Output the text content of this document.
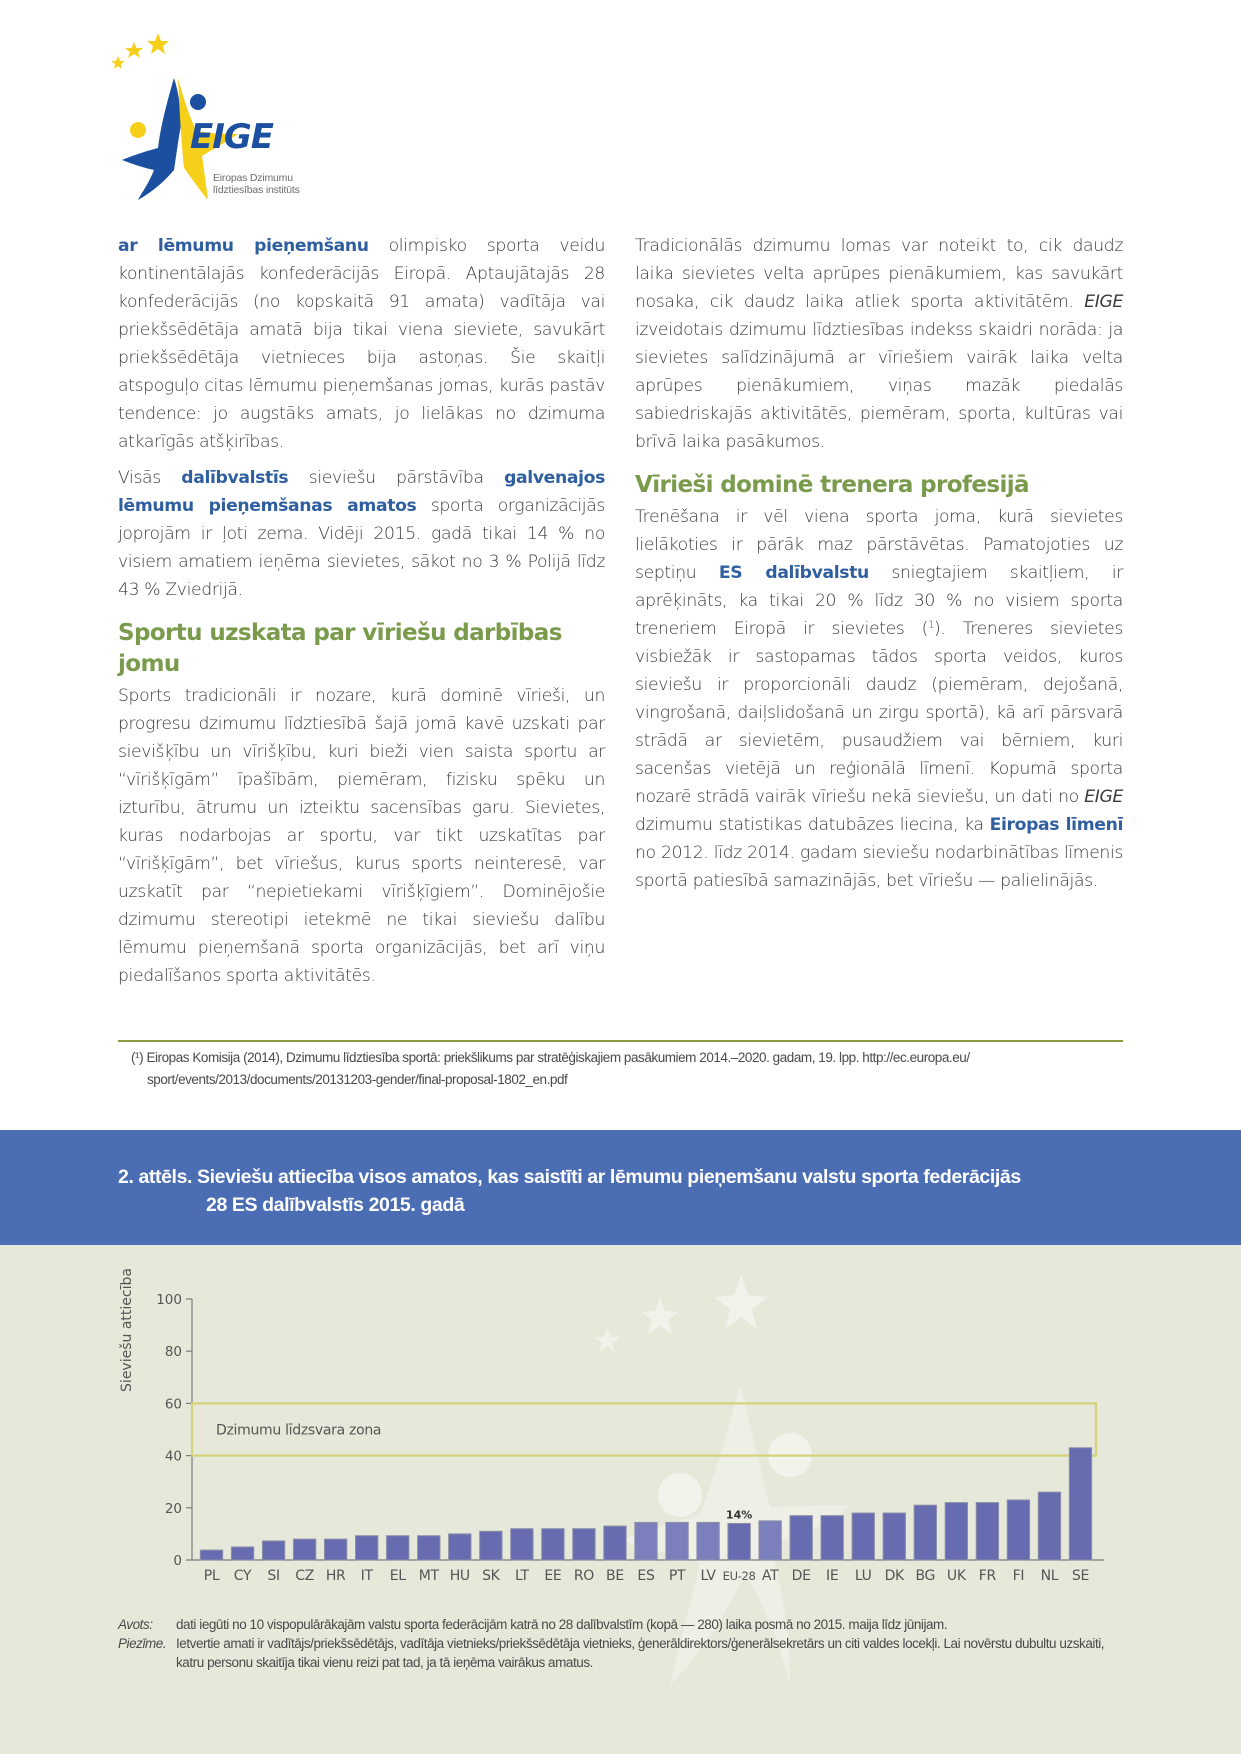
EIGE
Eiropas Dzimumu
līdztiesības institūts

ar lēmumu pieņemšanu olimpisko sporta veidu kontinentālajās konfederācijās Eiropā. Aptaujātajās 28 konfederācijās (no kopskaitā 91 amata) vadītāja vai priekšsēdētāja amatā bija tikai viena sieviete, savukārt priekšsēdētāja vietnieces bija astoņas. Šie skaitļi atspoguļo citas lēmumu pieņemšanas jomas, kurās pastāv tendence: jo augstāks amats, jo lielākas no dzimuma atkarīgās atšķirības.

Visās dalībvalstīs sieviešu pārstāvība galvenajos lēmumu pieņemšanas amatos sporta organizācijās joprojām ir ļoti zema. Vidēji 2015. gadā tikai 14 % no visiem amatiem ieņēma sievietes, sākot no 3 % Polijā līdz 43 % Zviedrijā.

Sportu uzskata par vīriešu darbības jomu

Sports tradicionāli ir nozare, kurā dominē vīrieši, un progresu dzimumu līdztiesībā šajā jomā kavē uzskati par sievišķību un vīrišķību, kuri bieži vien saista sportu ar “vīrišķīgām” īpašībām, piemēram, fizisku spēku un izturību, ātrumu un izteiktu sacensības garu. Sievietes, kuras nodarbojas ar sportu, var tikt uzskatītas par “vīrišķīgām”, bet vīriešus, kurus sports neinteresē, var uzskatīt par “nepietiekami vīrišķīgiem”. Dominējošie dzimumu stereotipi ietekmē ne tikai sieviešu dalību lēmumu pieņemšanā sporta organizācijās, bet arī viņu piedalīšanos sporta aktivitātēs.

Tradicionālās dzimumu lomas var noteikt to, cik daudz laika sievietes velta aprūpes pienākumiem, kas savukārt nosaka, cik daudz laika atliek sporta aktivitātēm. EIGE izveidotais dzimumu līdztiesības indekss skaidri norāda: ja sievietes salīdzinājumā ar vīriešiem vairāk laika velta aprūpes pienākumiem, viņas mazāk piedalās sabiedriskajās aktivitātēs, piemēram, sporta, kultūras vai brīvā laika pasākumos.

Vīrieši dominē trenera profesijā

Trenēšana ir vēl viena sporta joma, kurā sievietes lielākoties ir pārāk maz pārstāvētas. Pamatojoties uz septiņu ES dalībvalstu sniegtajiem skaitļiem, ir aprēķināts, ka tikai 20 % līdz 30 % no visiem sporta treneriem Eiropā ir sievietes ($^1$). Treneres sievietes visbiežāk ir sastopamas tādos sporta veidos, kuros sieviešu ir proporcionāli daudz (piemēram, dejošanā, vingrošanā, daiļslidošanā un zirgu sportā), kā arī pārsvarā strādā ar sievietēm, pusaudžiem vai bērniem, kuri sacenšas vietējā un reģionālā līmenī. Kopumā sporta nozarē strādā vairāk vīriešu nekā sieviešu, un dati no EIGE dzimumu statistikas datubāzes liecina, ka Eiropas līmenī no 2012. līdz 2014. gadam sieviešu nodarbinātības līmenis sportā patiesībā samazinājās, bet vīriešu — palielinājās.

(¹) Eiropas Komisija (2014), Dzimumu līdztiesība sportā: priekšlikums par stratēģiskajiem pasākumiem 2014.–2020. gadam, 19. lpp. http://ec.europa.eu/
sport/events/2013/documents/20131203-gender/final-proposal-1802_en.pdf
2. attēls. Sieviešu attiecība visos amatos, kas saistīti ar lēmumu pieņemšanu valstu sporta federācijās
28 ES dalībvalstīs 2015. gadā
Sieviešu attiecība
Dzimumu līdzsvara zona
14%
PL CY SI CZ HR IT EL MT HU SK LT EE RO BE ES PT LV EU-28 AT DE IE LU DK BG UK FR FI NL SE
0
20
40
60
80
100
Avots:	dati iegūti no 10 vispopulārākajām valstu sporta federācijām katrā no 28 dalībvalstīm (kopā — 280) laika posmā no 2015. maija līdz jūnijam.
Piezīme. Ietvertie amati ir vadītājs/priekšsēdētājs, vadītāja vietnieks/priekšsēdētāja vietnieks, ģenerāldirektors/ģenerālsekretārs un citi valdes locekļi. Lai novērstu dubultu uzskaiti, katru personu skaitīja tikai vienu reizi pat tad, ja tā ieņēma vairākus amatus.
